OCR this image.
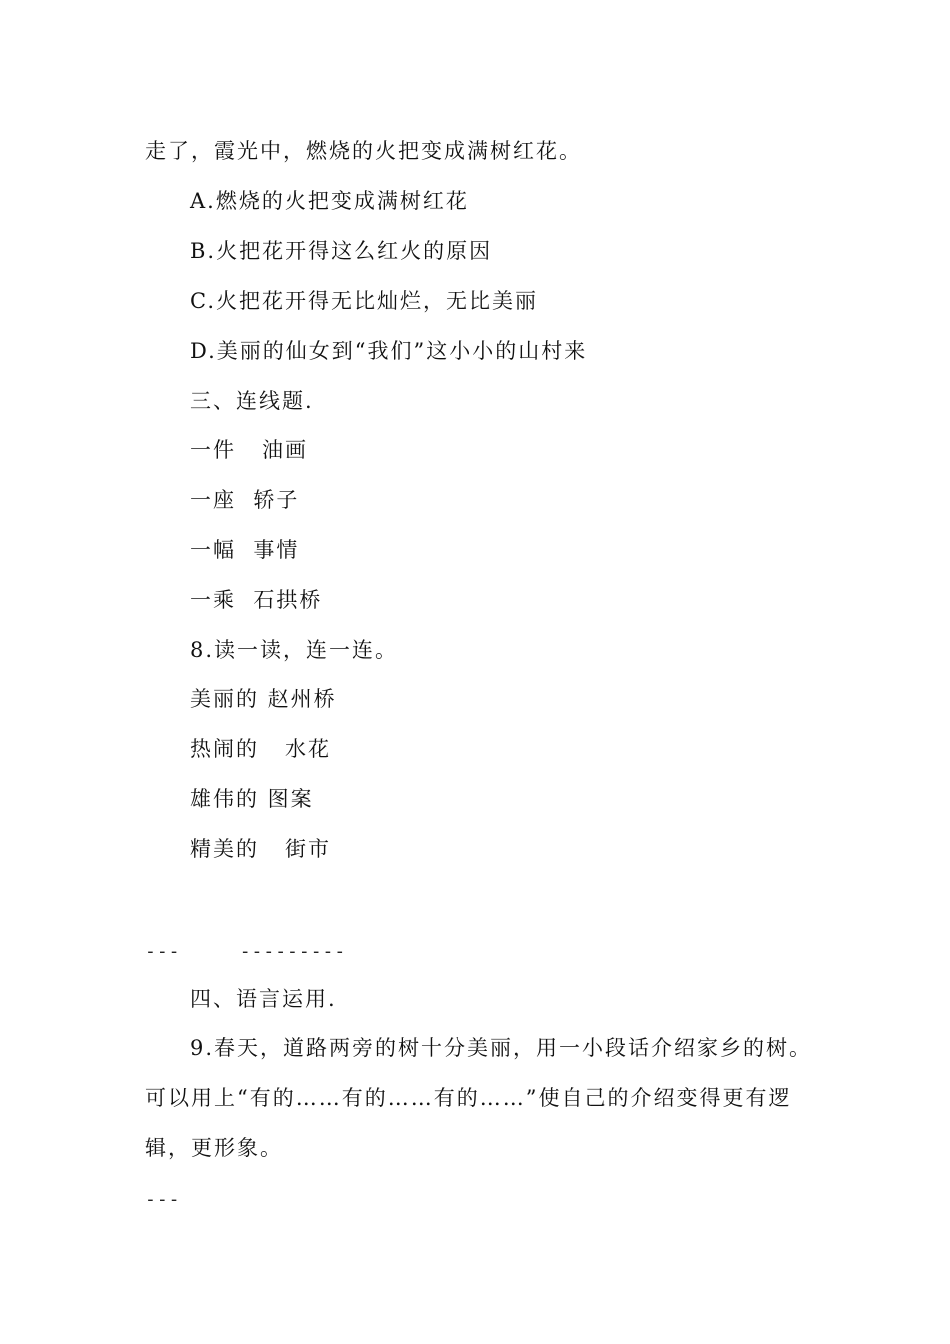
走了，霞光中，燃烧的火把变成满树红花。
A.燃烧的火把变成满树红花
B.火把花开得这么红火的原因
C.火把花开得无比灿烂，无比美丽
D.美丽的仙女到“我们”这小小的山村来
三、连线题.
一件   油画
一座  轿子
一幅  事情
一乘  石拱桥
8.读一读，连一连。
美丽的 赵州桥
热闹的   水花
雄伟的 图案
精美的   街市
---     ---------
四、语言运用.
9.春天，道路两旁的树十分美丽，用一小段话介绍家乡的树。
可以用上“有的……有的……有的……”使自己的介绍变得更有逻
辑，更形象。
---
